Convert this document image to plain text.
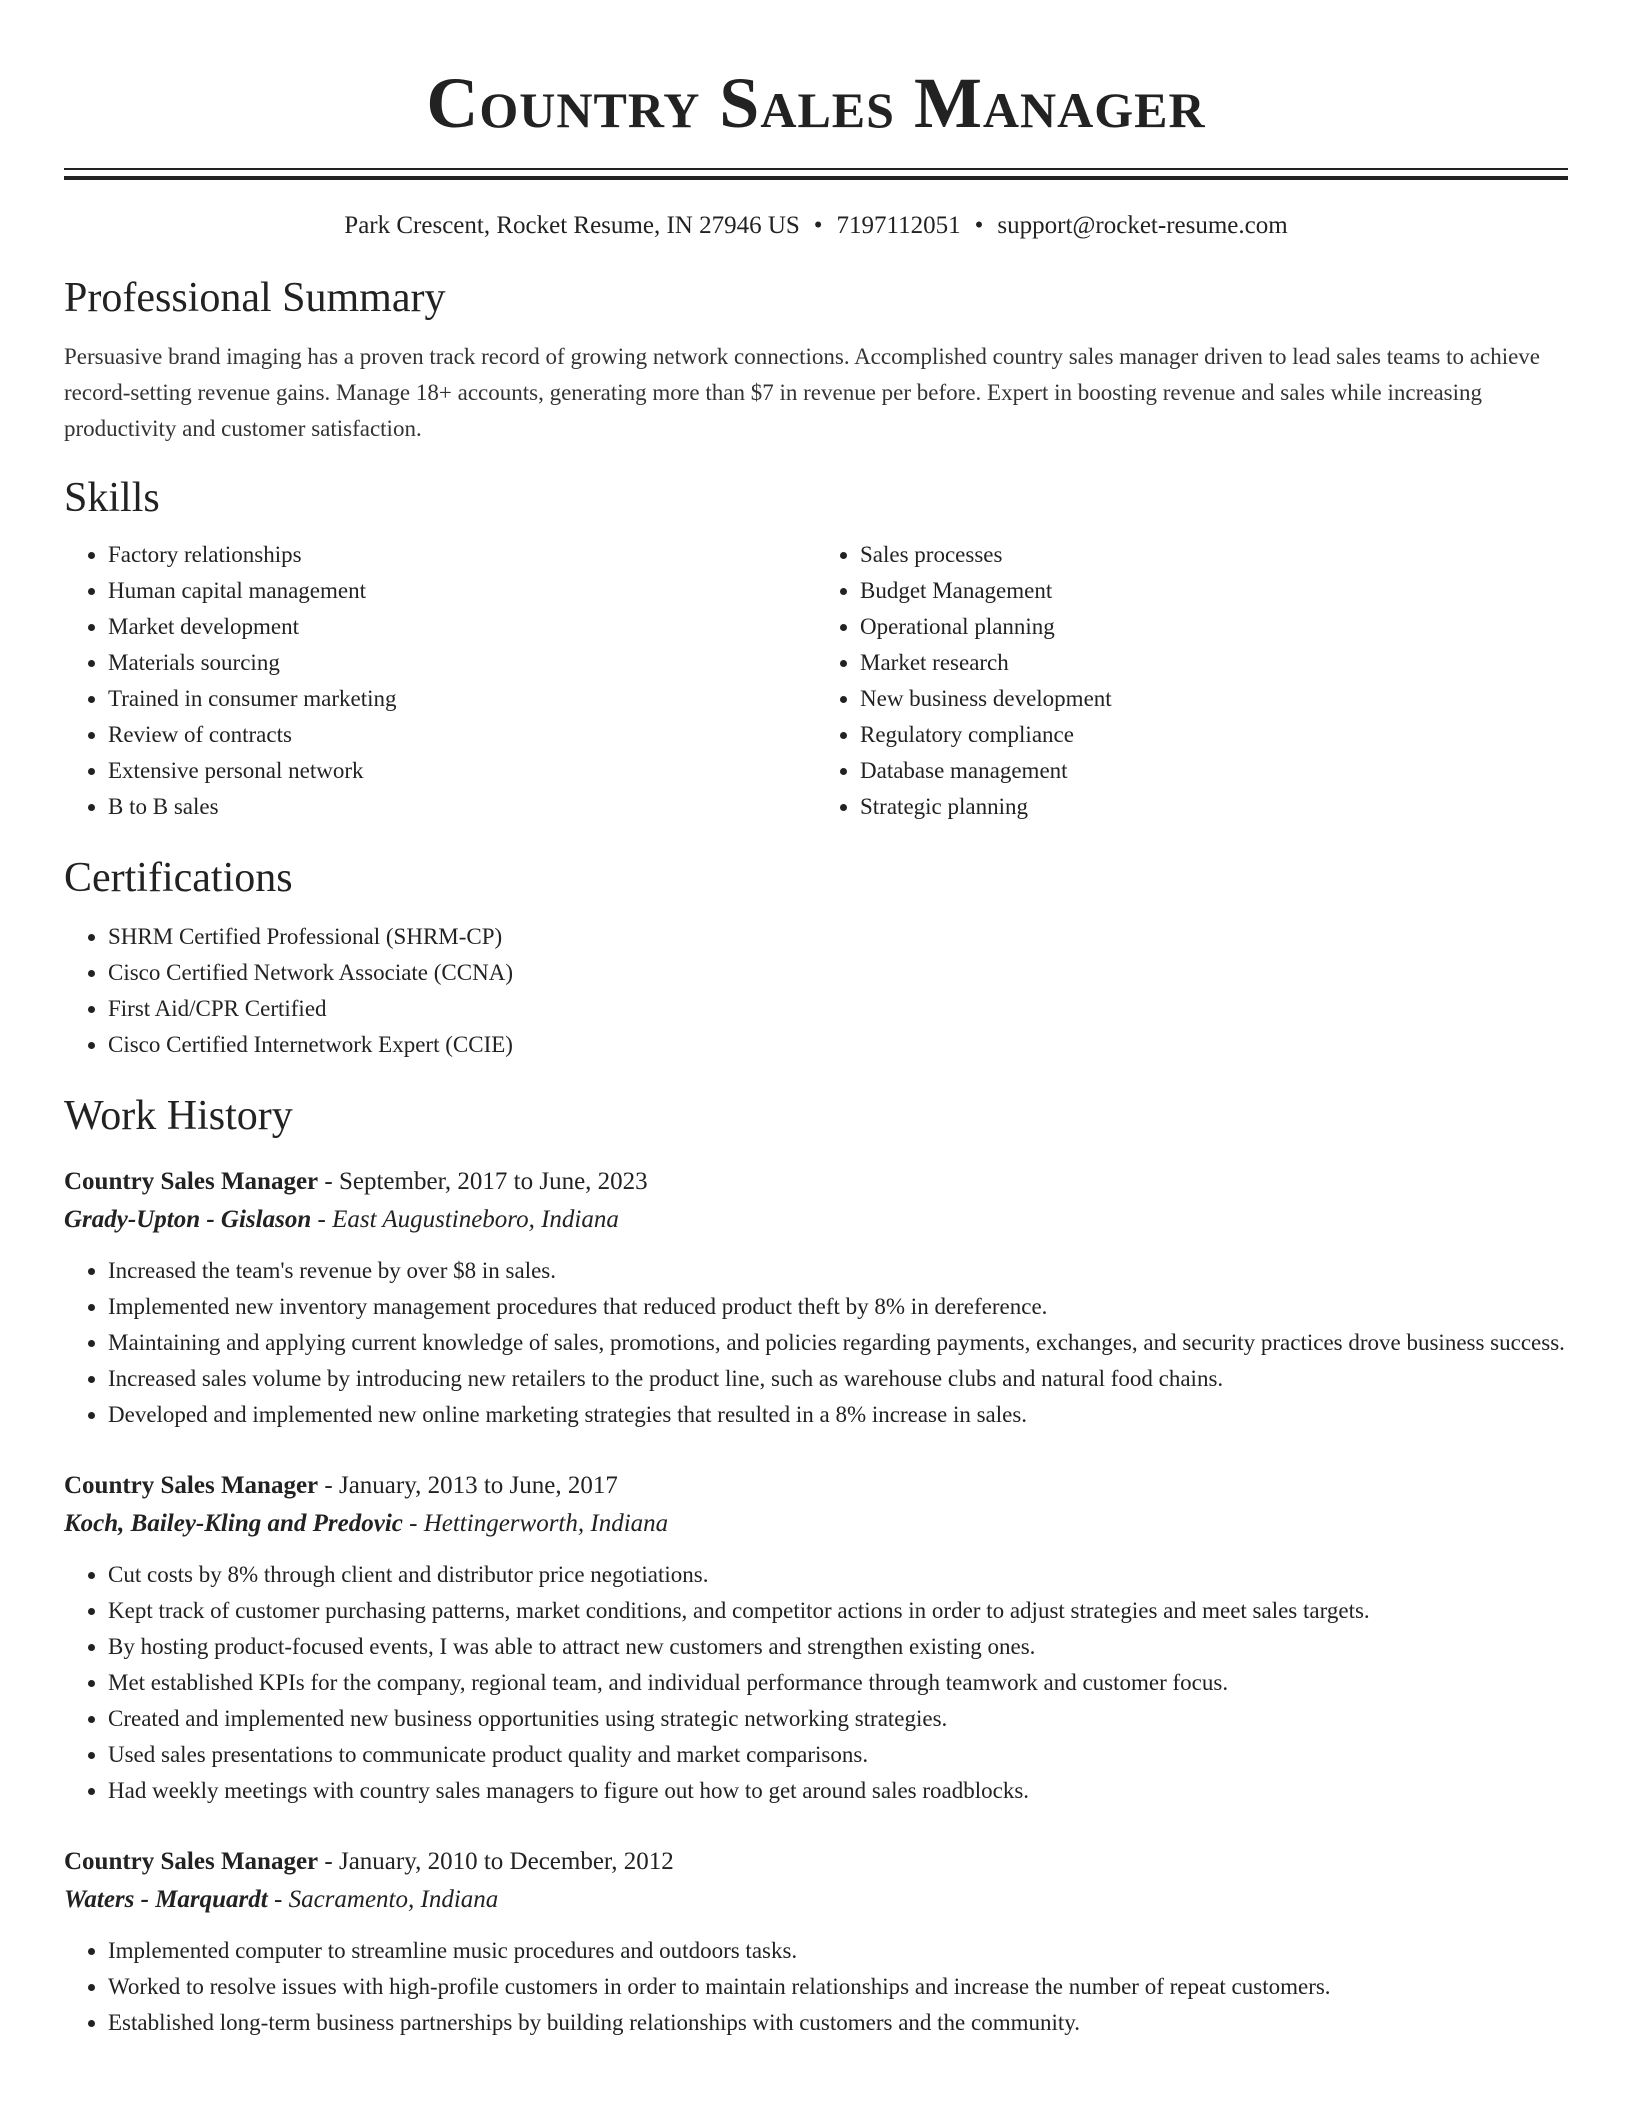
Country Sales Manager
Park Crescent, Rocket Resume, IN 27946 US • 7197112051 • support@rocket-resume.com
Professional Summary
Persuasive brand imaging has a proven track record of growing network connections. Accomplished country sales manager driven to lead sales teams to achieve record-setting revenue gains. Manage 18+ accounts, generating more than $7 in revenue per before. Expert in boosting revenue and sales while increasing productivity and customer satisfaction.
Skills
• Factory relationships
• Human capital management
• Market development
• Materials sourcing
• Trained in consumer marketing
• Review of contracts
• Extensive personal network
• B to B sales
• Sales processes
• Budget Management
• Operational planning
• Market research
• New business development
• Regulatory compliance
• Database management
• Strategic planning
Certifications
• SHRM Certified Professional (SHRM-CP)
• Cisco Certified Network Associate (CCNA)
• First Aid/CPR Certified
• Cisco Certified Internetwork Expert (CCIE)
Work History
Country Sales Manager - September, 2017 to June, 2023
Grady-Upton - Gislason - East Augustineboro, Indiana
• Increased the team's revenue by over $8 in sales.
• Implemented new inventory management procedures that reduced product theft by 8% in dereference.
• Maintaining and applying current knowledge of sales, promotions, and policies regarding payments, exchanges, and security practices drove business success.
• Increased sales volume by introducing new retailers to the product line, such as warehouse clubs and natural food chains.
• Developed and implemented new online marketing strategies that resulted in a 8% increase in sales.
Country Sales Manager - January, 2013 to June, 2017
Koch, Bailey-Kling and Predovic - Hettingerworth, Indiana
• Cut costs by 8% through client and distributor price negotiations.
• Kept track of customer purchasing patterns, market conditions, and competitor actions in order to adjust strategies and meet sales targets.
• By hosting product-focused events, I was able to attract new customers and strengthen existing ones.
• Met established KPIs for the company, regional team, and individual performance through teamwork and customer focus.
• Created and implemented new business opportunities using strategic networking strategies.
• Used sales presentations to communicate product quality and market comparisons.
• Had weekly meetings with country sales managers to figure out how to get around sales roadblocks.
Country Sales Manager - January, 2010 to December, 2012
Waters - Marquardt - Sacramento, Indiana
• Implemented computer to streamline music procedures and outdoors tasks.
• Worked to resolve issues with high-profile customers in order to maintain relationships and increase the number of repeat customers.
• Established long-term business partnerships by building relationships with customers and the community.
